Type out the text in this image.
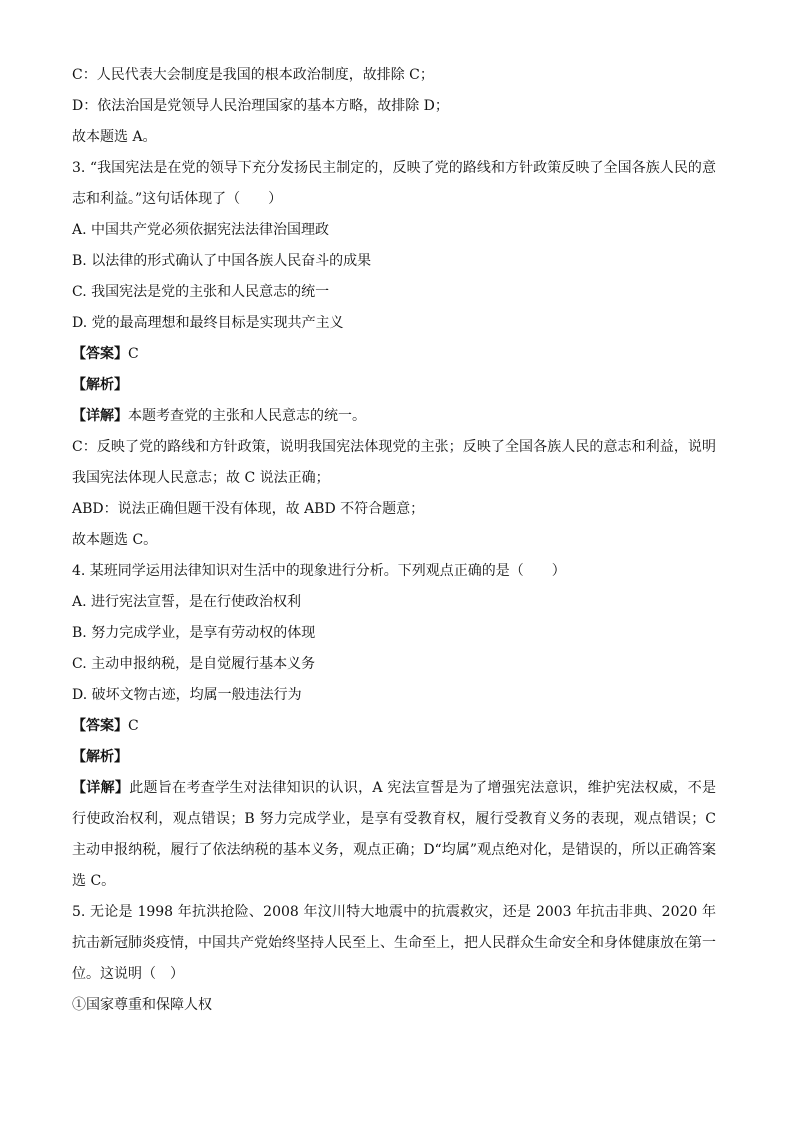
C：人民代表大会制度是我国的根本政治制度，故排除 C；
D：依法治国是党领导人民治理国家的基本方略，故排除 D；
故本题选 A。
3. “我国宪法是在党的领导下充分发扬民主制定的，反映了党的路线和方针政策反映了全国各族人民的意志和利益。”这句话体现了（　　）
A. 中国共产党必须依据宪法法律治国理政
B. 以法律的形式确认了中国各族人民奋斗的成果
C. 我国宪法是党的主张和人民意志的统一
D. 党的最高理想和最终目标是实现共产主义
【答案】C
【解析】
【详解】本题考查党的主张和人民意志的统一。
C：反映了党的路线和方针政策，说明我国宪法体现党的主张；反映了全国各族人民的意志和利益，说明我国宪法体现人民意志；故 C 说法正确；
ABD：说法正确但题干没有体现，故 ABD 不符合题意；
故本题选 C。
4. 某班同学运用法律知识对生活中的现象进行分析。下列观点正确的是（　　）
A. 进行宪法宣誓，是在行使政治权利
B. 努力完成学业，是享有劳动权的体现
C. 主动申报纳税，是自觉履行基本义务
D. 破坏文物古迹，均属一般违法行为
【答案】C
【解析】
【详解】此题旨在考查学生对法律知识的认识，A 宪法宣誓是为了增强宪法意识，维护宪法权威，不是行使政治权利，观点错误；B 努力完成学业，是享有受教育权，履行受教育义务的表现，观点错误；C 主动申报纳税，履行了依法纳税的基本义务，观点正确；D“均属”观点绝对化，是错误的，所以正确答案选 C。
5. 无论是 1998 年抗洪抢险、2008 年汶川特大地震中的抗震救灾，还是 2003 年抗击非典、2020 年抗击新冠肺炎疫情，中国共产党始终坚持人民至上、生命至上，把人民群众生命安全和身体健康放在第一位。这说明（　）
①国家尊重和保障人权
